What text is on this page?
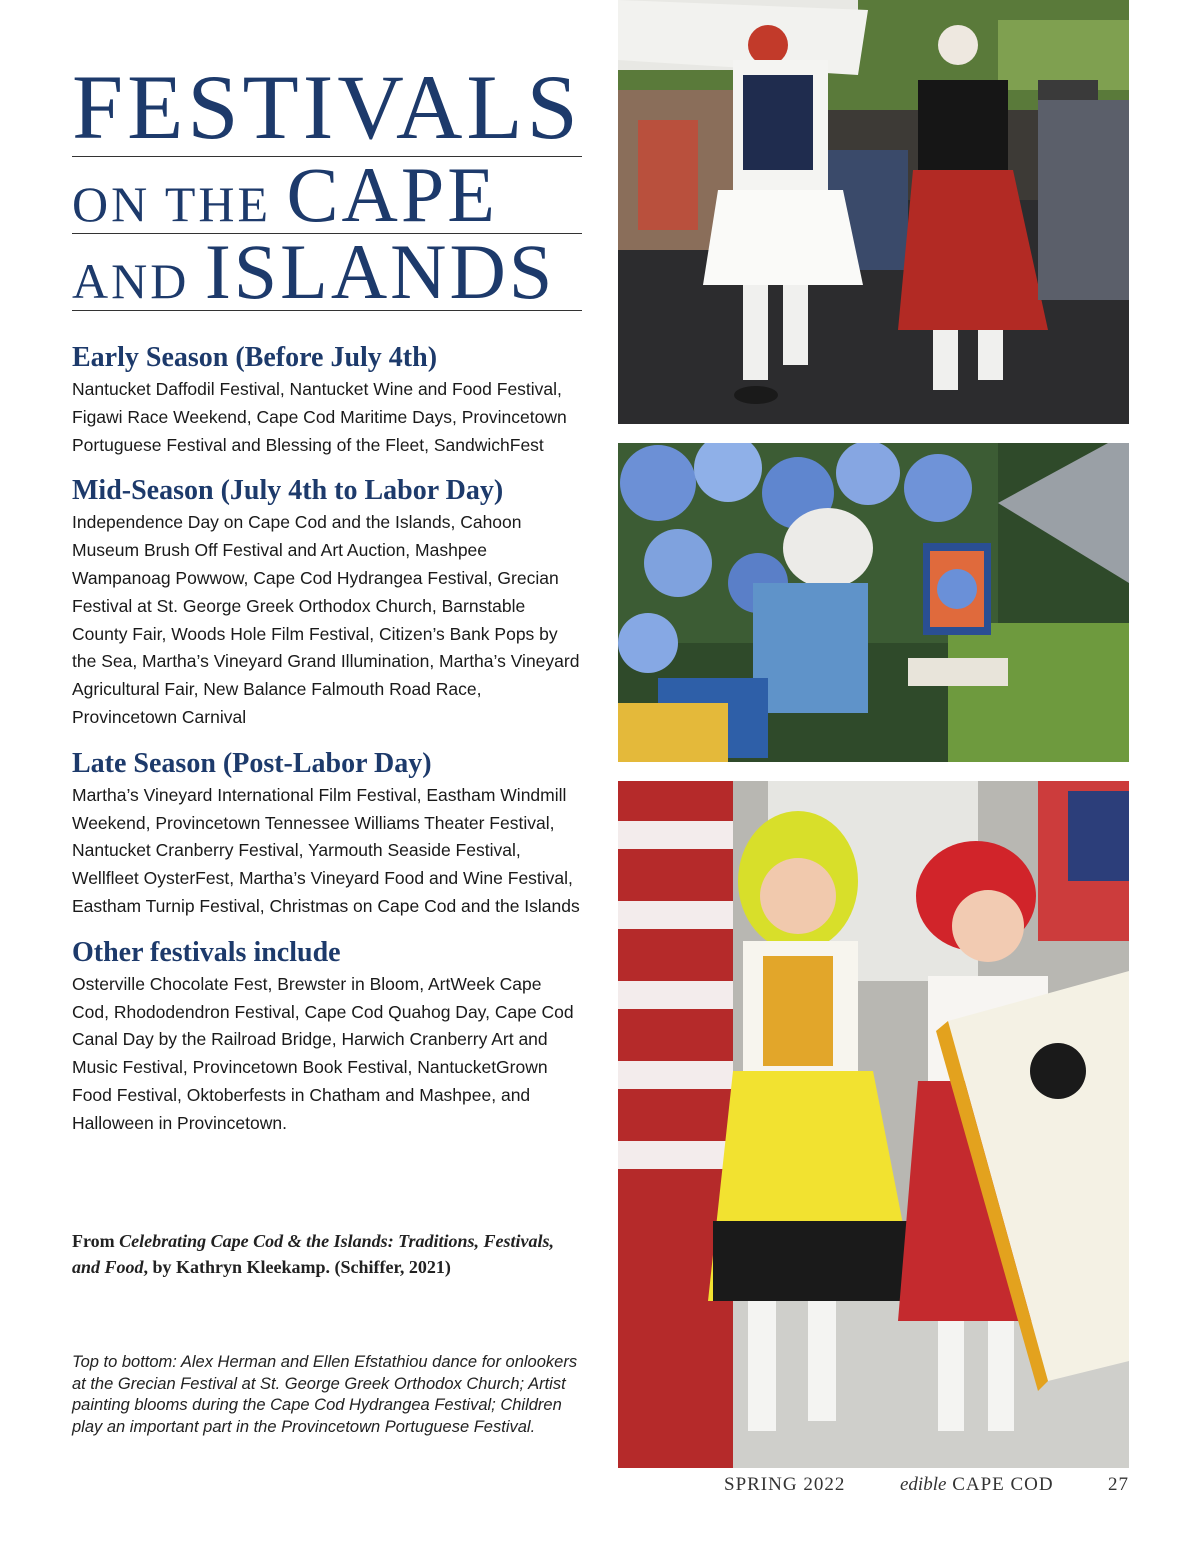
FESTIVALS
ON THE CAPE
AND ISLANDS
Early Season (Before July 4th)

Nantucket Daffodil Festival, Nantucket Wine and Food Festival, Figawi Race Weekend, Cape Cod Maritime Days, Provincetown Portuguese Festival and Blessing of the Fleet, SandwichFest

Mid-Season (July 4th to Labor Day)

Independence Day on Cape Cod and the Islands, Cahoon Museum Brush Off Festival and Art Auction, Mashpee Wampanoag Powwow, Cape Cod Hydrangea Festival, Grecian Festival at St. George Greek Orthodox Church, Barnstable County Fair, Woods Hole Film Festival, Citizen’s Bank Pops by the Sea, Martha’s Vineyard Grand Illumination, Martha’s Vineyard Agricultural Fair, New Balance Falmouth Road Race, Provincetown Carnival

Late Season (Post-Labor Day)

Martha’s Vineyard International Film Festival, Eastham Windmill Weekend, Provincetown Tennessee Williams Theater Festival, Nantucket Cranberry Festival, Yarmouth Seaside Festival, Wellfleet OysterFest, Martha’s Vineyard Food and Wine Festival, Eastham Turnip Festival, Christmas on Cape Cod and the Islands

Other festivals include

Osterville Chocolate Fest, Brewster in Bloom, ArtWeek Cape Cod, Rhododendron Festival, Cape Cod Quahog Day, Cape Cod Canal Day by the Railroad Bridge, Harwich Cranberry Art and Music Festival, Provincetown Book Festival, NantucketGrown Food Festival, Oktoberfests in Chatham and Mashpee, and Halloween in Provincetown.

From Celebrating Cape Cod & the Islands: Traditions, Festivals, and Food, by Kathryn Kleekamp. (Schiffer, 2021)
Top to bottom: Alex Herman and Ellen Efstathiou dance for onlookers at the Grecian Festival at St. George Greek Orthodox Church; Artist painting blooms during the Cape Cod Hydrangea Festival; Children play an important part in the Provincetown Portuguese Festival.
SPRING 2022	edible CAPE COD	27
